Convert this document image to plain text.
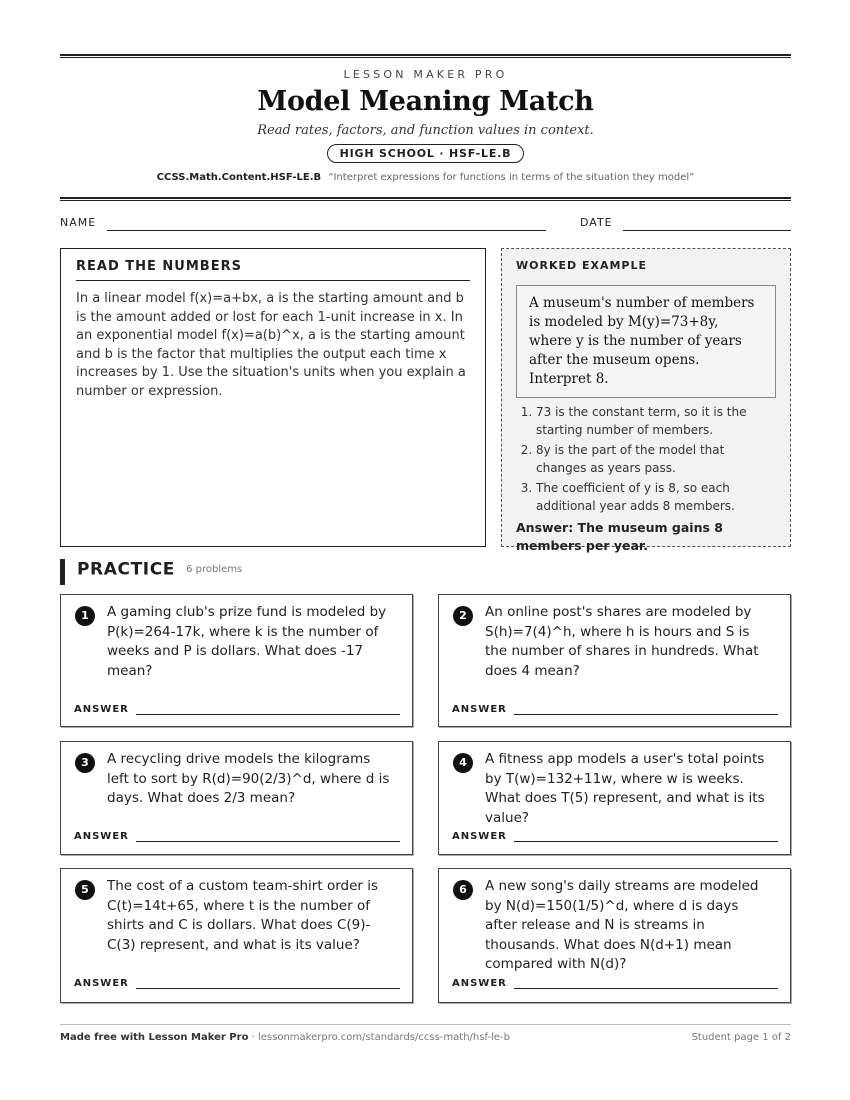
LESSON MAKER PRO
Model Meaning Match
Read rates, factors, and function values in context.
HIGH SCHOOL · HSF-LE.B
CCSS.Math.Content.HSF-LE.B “Interpret expressions for functions in terms of the situation they model”
NAME	DATE
READ THE NUMBERS
In a linear model f(x)=a+bx, a is the starting amount and b is the amount added or lost for each 1-unit increase in x. In an exponential model f(x)=a(b)^x, a is the starting amount and b is the factor that multiplies the output each time x increases by 1. Use the situation's units when you explain a number or expression.
WORKED EXAMPLE
A museum's number of members is modeled by M(y)=73+8y, where y is the number of years after the museum opens. Interpret 8.
1. 73 is the constant term, so it is the starting number of members.
2. 8y is the part of the model that changes as years pass.
3. The coefficient of y is 8, so each additional year adds 8 members.
Answer: The museum gains 8 members per year.
PRACTICE 6 problems
1	A gaming club's prize fund is modeled by P(k)=264-17k, where k is the number of weeks and P is dollars. What does -17 mean?
ANSWER
2	An online post's shares are modeled by S(h)=7(4)^h, where h is hours and S is the number of shares in hundreds. What does 4 mean?
ANSWER
3	A recycling drive models the kilograms left to sort by R(d)=90(2/3)^d, where d is days. What does 2/3 mean?
ANSWER
4	A fitness app models a user's total points by T(w)=132+11w, where w is weeks. What does T(5) represent, and what is its value?
ANSWER
5	The cost of a custom team-shirt order is C(t)=14t+65, where t is the number of shirts and C is dollars. What does C(9)-C(3) represent, and what is its value?
ANSWER
6	A new song's daily streams are modeled by N(d)=150(1/5)^d, where d is days after release and N is streams in thousands. What does N(d+1) mean compared with N(d)?
ANSWER
Made free with Lesson Maker Pro · lessonmakerpro.com/standards/ccss-math/hsf-le-b	Student page 1 of 2
